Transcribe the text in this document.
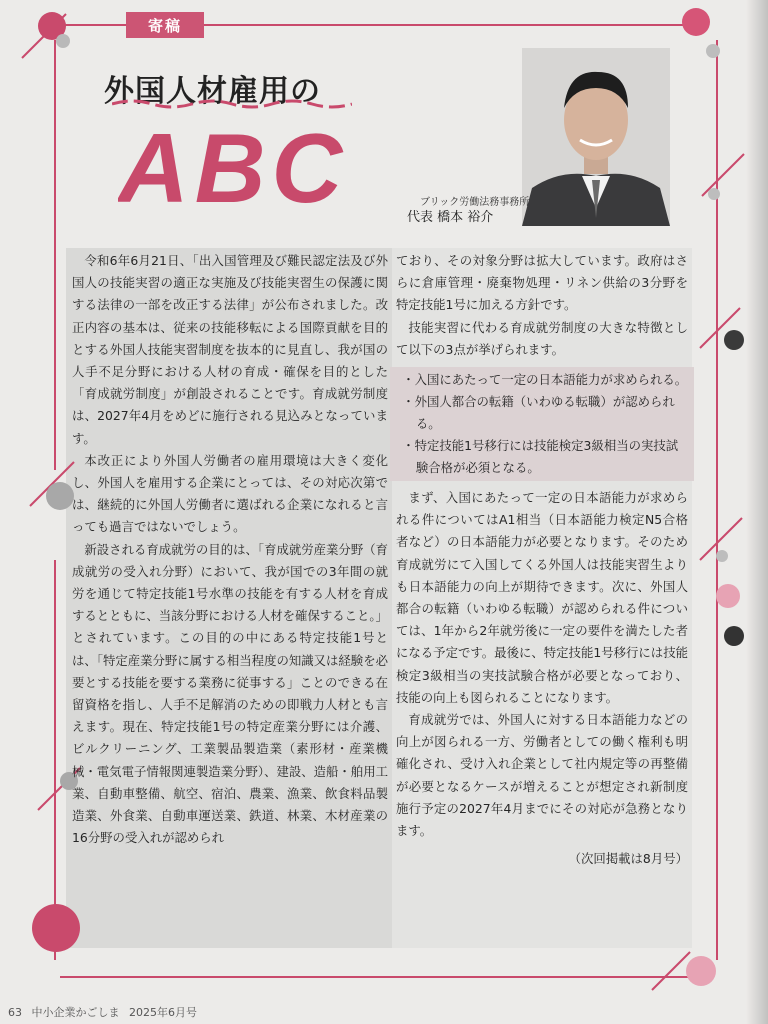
寄稿
外国人材雇用の
ABC	ブリック労働法務事務所
代表 橋本 裕介

令和6年6月21日、「出入国管理及び難民認定法及び外国人の技能実習の適正な実施及び技能実習生の保護に関する法律の一部を改正する法律」が公布されました。改正内容の基本は、従来の技能移転による国際貢献を目的とする外国人技能実習制度を抜本的に見直し、我が国の人手不足分野における人材の育成・確保を目的とした「育成就労制度」が創設されることです。育成就労制度は、2027年4月をめどに施行される見込みとなっています。

本改正により外国人労働者の雇用環境は大きく変化し、外国人を雇用する企業にとっては、その対応次第では、継続的に外国人労働者に選ばれる企業になれると言っても過言ではないでしょう。

新設される育成就労の目的は、「育成就労産業分野（育成就労の受入れ分野）において、我が国での3年間の就労を通じて特定技能1号水準の技能を有する人材を育成するとともに、当該分野における人材を確保すること。」とされています。この目的の中にある特定技能1号とは、「特定産業分野に属する相当程度の知識又は経験を必要とする技能を要する業務に従事する」ことのできる在留資格を指し、人手不足解消のための即戦力人材とも言えます。現在、特定技能1号の特定産業分野には介護、ビルクリーニング、工業製品製造業（素形材・産業機械・電気電子情報関連製造業分野）、建設、造船・舶用工業、自動車整備、航空、宿泊、農業、漁業、飲食料品製造業、外食業、自動車運送業、鉄道、林業、木材産業の16分野の受入れが認められ

ており、その対象分野は拡大しています。政府はさらに倉庫管理・廃棄物処理・リネン供給の3分野を特定技能1号に加える方針です。

技能実習に代わる育成就労制度の大きな特徴として以下の3点が挙げられます。

・入国にあたって一定の日本語能力が求められる。
・外国人都合の転籍（いわゆる転職）が認められる。
・特定技能1号移行には技能検定3級相当の実技試験合格が必須となる。

まず、入国にあたって一定の日本語能力が求められる件についてはA1相当（日本語能力検定N5合格者など）の日本語能力が必要となります。そのため育成就労にて入国してくる外国人は技能実習生よりも日本語能力の向上が期待できます。次に、外国人都合の転籍（いわゆる転職）が認められる件については、1年から2年就労後に一定の要件を満たした者になる予定です。最後に、特定技能1号移行には技能検定3級相当の実技試験合格が必要となっており、技能の向上も図られることになります。

育成就労では、外国人に対する日本語能力などの向上が図られる一方、労働者としての働く権利も明確化され、受け入れ企業として社内規定等の再整備が必要となるケースが増えることが想定され新制度施行予定の2027年4月までにその対応が急務となります。

（次回掲載は8月号）
63 中小企業かごしま 2025年6月号
